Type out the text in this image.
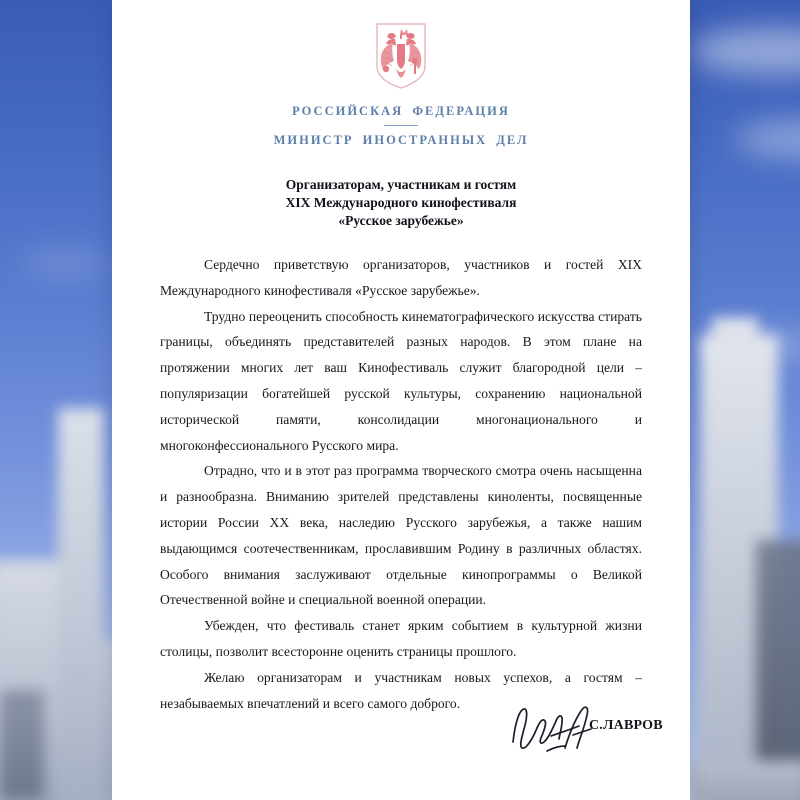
РОССИЙСКАЯ ФЕДЕРАЦИЯ
МИНИСТР ИНОСТРАННЫХ ДЕЛ
Организаторам, участникам и гостям
XIX Международного кинофестиваля
«Русское зарубежье»

Сердечно приветствую организаторов, участников и гостей XIX Международного кинофестиваля «Русское зарубежье».

Трудно переоценить способность кинематографического искусства стирать границы, объединять представителей разных народов. В этом плане на протяжении многих лет ваш Кинофестиваль служит благородной цели – популяризации богатейшей русской культуры, сохранению национальной исторической памяти, консолидации многонационального и многоконфессионального Русского мира.

Отрадно, что и в этот раз программа творческого смотра очень насыщенна и разнообразна. Вниманию зрителей представлены киноленты, посвященные истории России XX века, наследию Русского зарубежья, а также нашим выдающимся соотечественникам, прославившим Родину в различных областях. Особого внимания заслуживают отдельные кинопрограммы о Великой Отечественной войне и специальной военной операции.

Убежден, что фестиваль станет ярким событием в культурной жизни столицы, позволит всесторонне оценить страницы прошлого.

Желаю организаторам и участникам новых успехов, а гостям – незабываемых впечатлений и всего самого доброго.

С.ЛАВРОВ
